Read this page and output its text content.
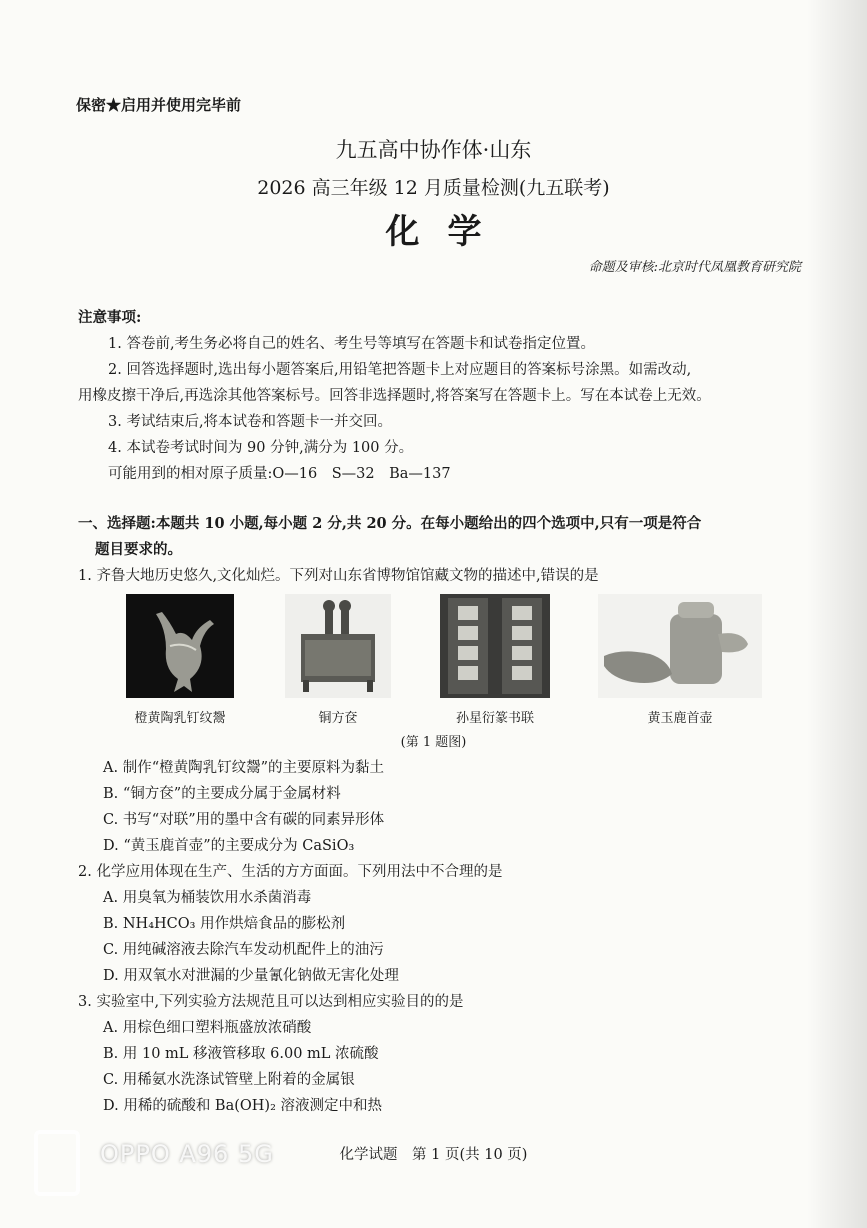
保密★启用并使用完毕前
九五高中协作体·山东
2026 高三年级 12 月质量检测(九五联考)
化学
命题及审核:北京时代凤凰教育研究院
注意事项:
1. 答卷前,考生务必将自己的姓名、考生号等填写在答题卡和试卷指定位置。
2. 回答选择题时,选出每小题答案后,用铅笔把答题卡上对应题目的答案标号涂黑。如需改动,
用橡皮擦干净后,再选涂其他答案标号。回答非选择题时,将答案写在答题卡上。写在本试卷上无效。
3. 考试结束后,将本试卷和答题卡一并交回。
4. 本试卷考试时间为 90 分钟,满分为 100 分。
可能用到的相对原子质量:O—16　S—32　Ba—137
一、选择题:本题共 10 小题,每小题 2 分,共 20 分。在每小题给出的四个选项中,只有一项是符合
题目要求的。
1. 齐鲁大地历史悠久,文化灿烂。下列对山东省博物馆馆藏文物的描述中,错误的是
橙黄陶乳钉纹鬶	铜方奁	孙星衍篆书联	黄玉鹿首壶
(第 1 题图)
A. 制作“橙黄陶乳钉纹鬶”的主要原料为黏土
B. “铜方奁”的主要成分属于金属材料
C. 书写“对联”用的墨中含有碳的同素异形体
D. “黄玉鹿首壶”的主要成分为 CaSiO₃
2. 化学应用体现在生产、生活的方方面面。下列用法中不合理的是
A. 用臭氧为桶装饮用水杀菌消毒
B. NH₄HCO₃ 用作烘焙食品的膨松剂
C. 用纯碱溶液去除汽车发动机配件上的油污
D. 用双氧水对泄漏的少量氰化钠做无害化处理
3. 实验室中,下列实验方法规范且可以达到相应实验目的的是
A. 用棕色细口塑料瓶盛放浓硝酸
B. 用 10 mL 移液管移取 6.00 mL 浓硫酸
C. 用稀氨水洗涤试管壁上附着的金属银
D. 用稀的硫酸和 Ba(OH)₂ 溶液测定中和热
化学试题　第 1 页(共 10 页)
OPPO A96 5G
